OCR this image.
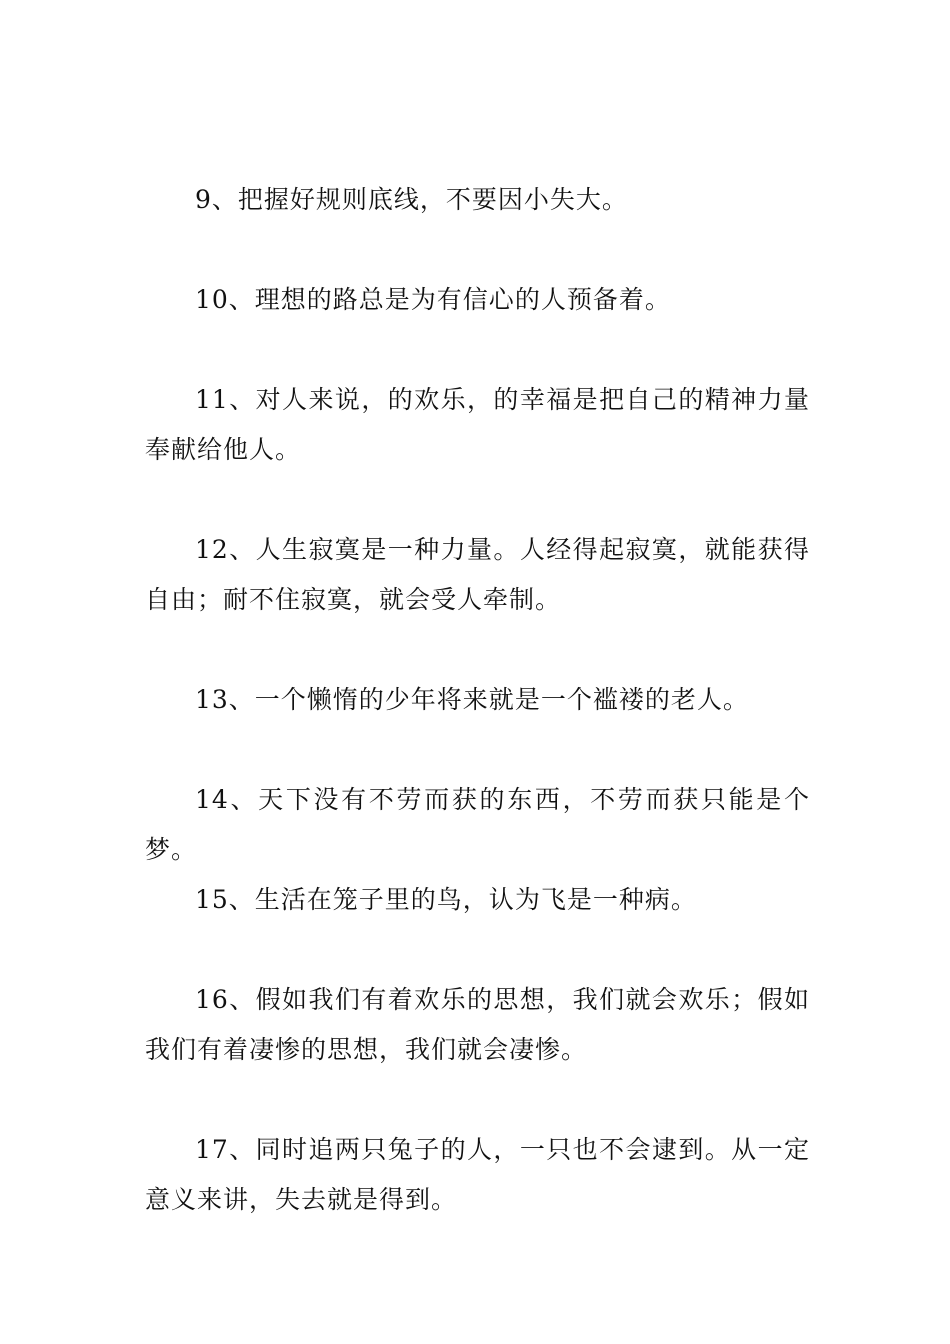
9、把握好规则底线，不要因小失大。

10、理想的路总是为有信心的人预备着。

11、对人来说，的欢乐，的幸福是把自己的精神力量奉献给他人。

12、人生寂寞是一种力量。人经得起寂寞，就能获得自由；耐不住寂寞，就会受人牵制。

13、一个懒惰的少年将来就是一个褴褛的老人。

14、天下没有不劳而获的东西，不劳而获只能是个梦。

15、生活在笼子里的鸟，认为飞是一种病。

16、假如我们有着欢乐的思想，我们就会欢乐；假如我们有着凄惨的思想，我们就会凄惨。

17、同时追两只兔子的人，一只也不会逮到。从一定意义来讲，失去就是得到。
